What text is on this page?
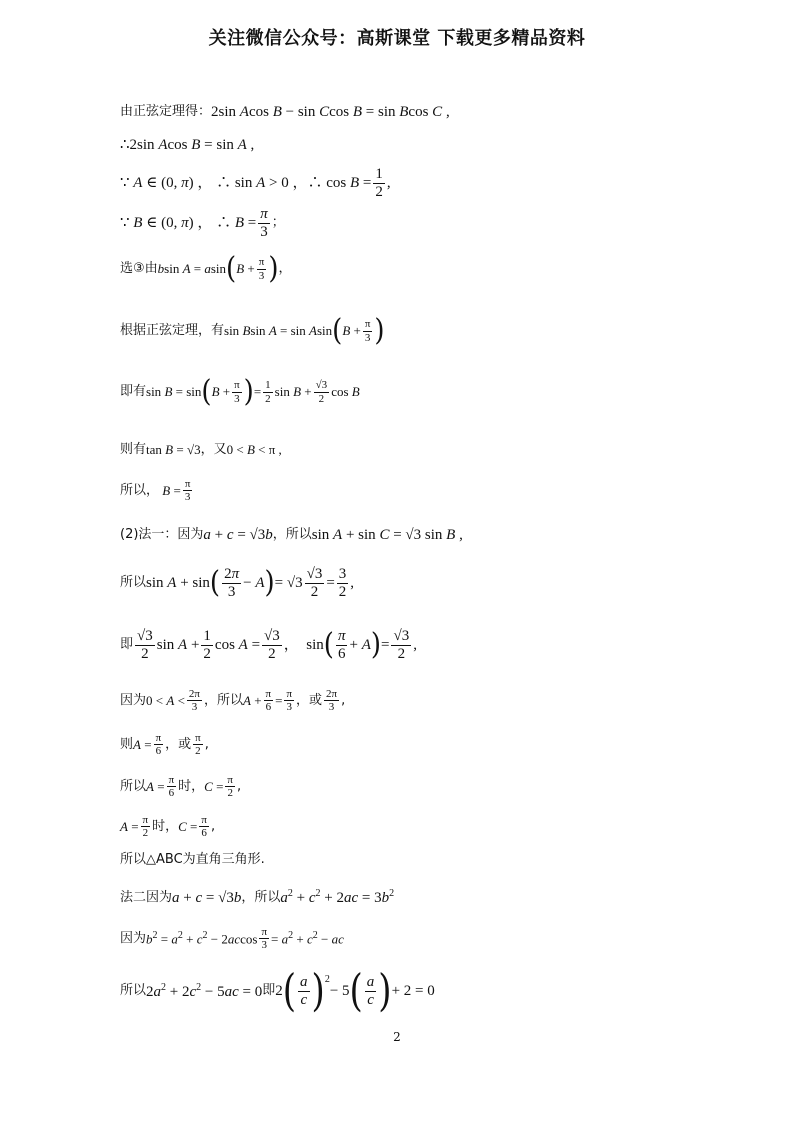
关注微信公众号：高斯课堂 下载更多精品资料
由正弦定理得： 2sin Acos B − sin Ccos B = sin Bcos C ,
∴ 2sin Acos B = sin A ,
∵ A ∈ (0, π) ， ∴ sin A > 0 ，∴ $\cos B = \frac{1}{2}$ ,
∵ B ∈ (0, π) ， ∴ $B = \frac{\pi}{3}$ ；
选③由 bsin A = asin ( $B + \frac{\pi}{3}$ ) ，
根据正弦定理，有 sin Bsin A = sin Asin ( $B + \frac{\pi}{3}$ )
即有 sin B = sin ( $B + \frac{\pi}{3}$ ) = $\frac{1}{2}$ $\sin B + \frac{√3}{2}$ cos B
则有 tan B = √3 ，又 0 < B < π ,
所以， $B = \frac{\pi}{3}$
(2)法一：因为 a + c = √3b ，所以 sin A + sin C = √3 sin B ,
所以 sin A + sin ( $\frac{2\pi}{3} - A$ ) = $√3 \frac{√3}{2} = \frac{3}{2}$ ,
即 $\frac{√3}{2}$ $\sin A + \frac{1}{2}$ $\cos A = \frac{√3}{2}$ ，  sin ( $\frac{\pi}{6} + A$ ) = $\frac{√3}{2}$ ,
因为 $0 < A < \frac{2\pi}{3}$ ，所以 $A + \frac{\pi}{6} = \frac{\pi}{3}$ ，或 $\frac{2\pi}{3}$ ,
则 $A = \frac{\pi}{6}$ ，或 $\frac{\pi}{2}$ ,
所以 $A = \frac{\pi}{6}$ 时， $C = \frac{\pi}{2}$ ,
$A = \frac{\pi}{2}$ 时， $C = \frac{\pi}{6}$ ,
所以△ABC为直角三角形.
法二因为 a + c = √3b ，所以 $a^2 + c^2 + 2ac = 3b^2$
因为 $b^2 = a^2 + c^2 - 2accos \frac{\pi}{3} = a^2 + c^2$ − ac
所以 $2a^2 + 2c^2 - 5ac = 0$ 即 2 ( $\frac{a}{c}$ ) 2
− 5 ( $\frac{a}{c}$ ) + 2 = 0
2
